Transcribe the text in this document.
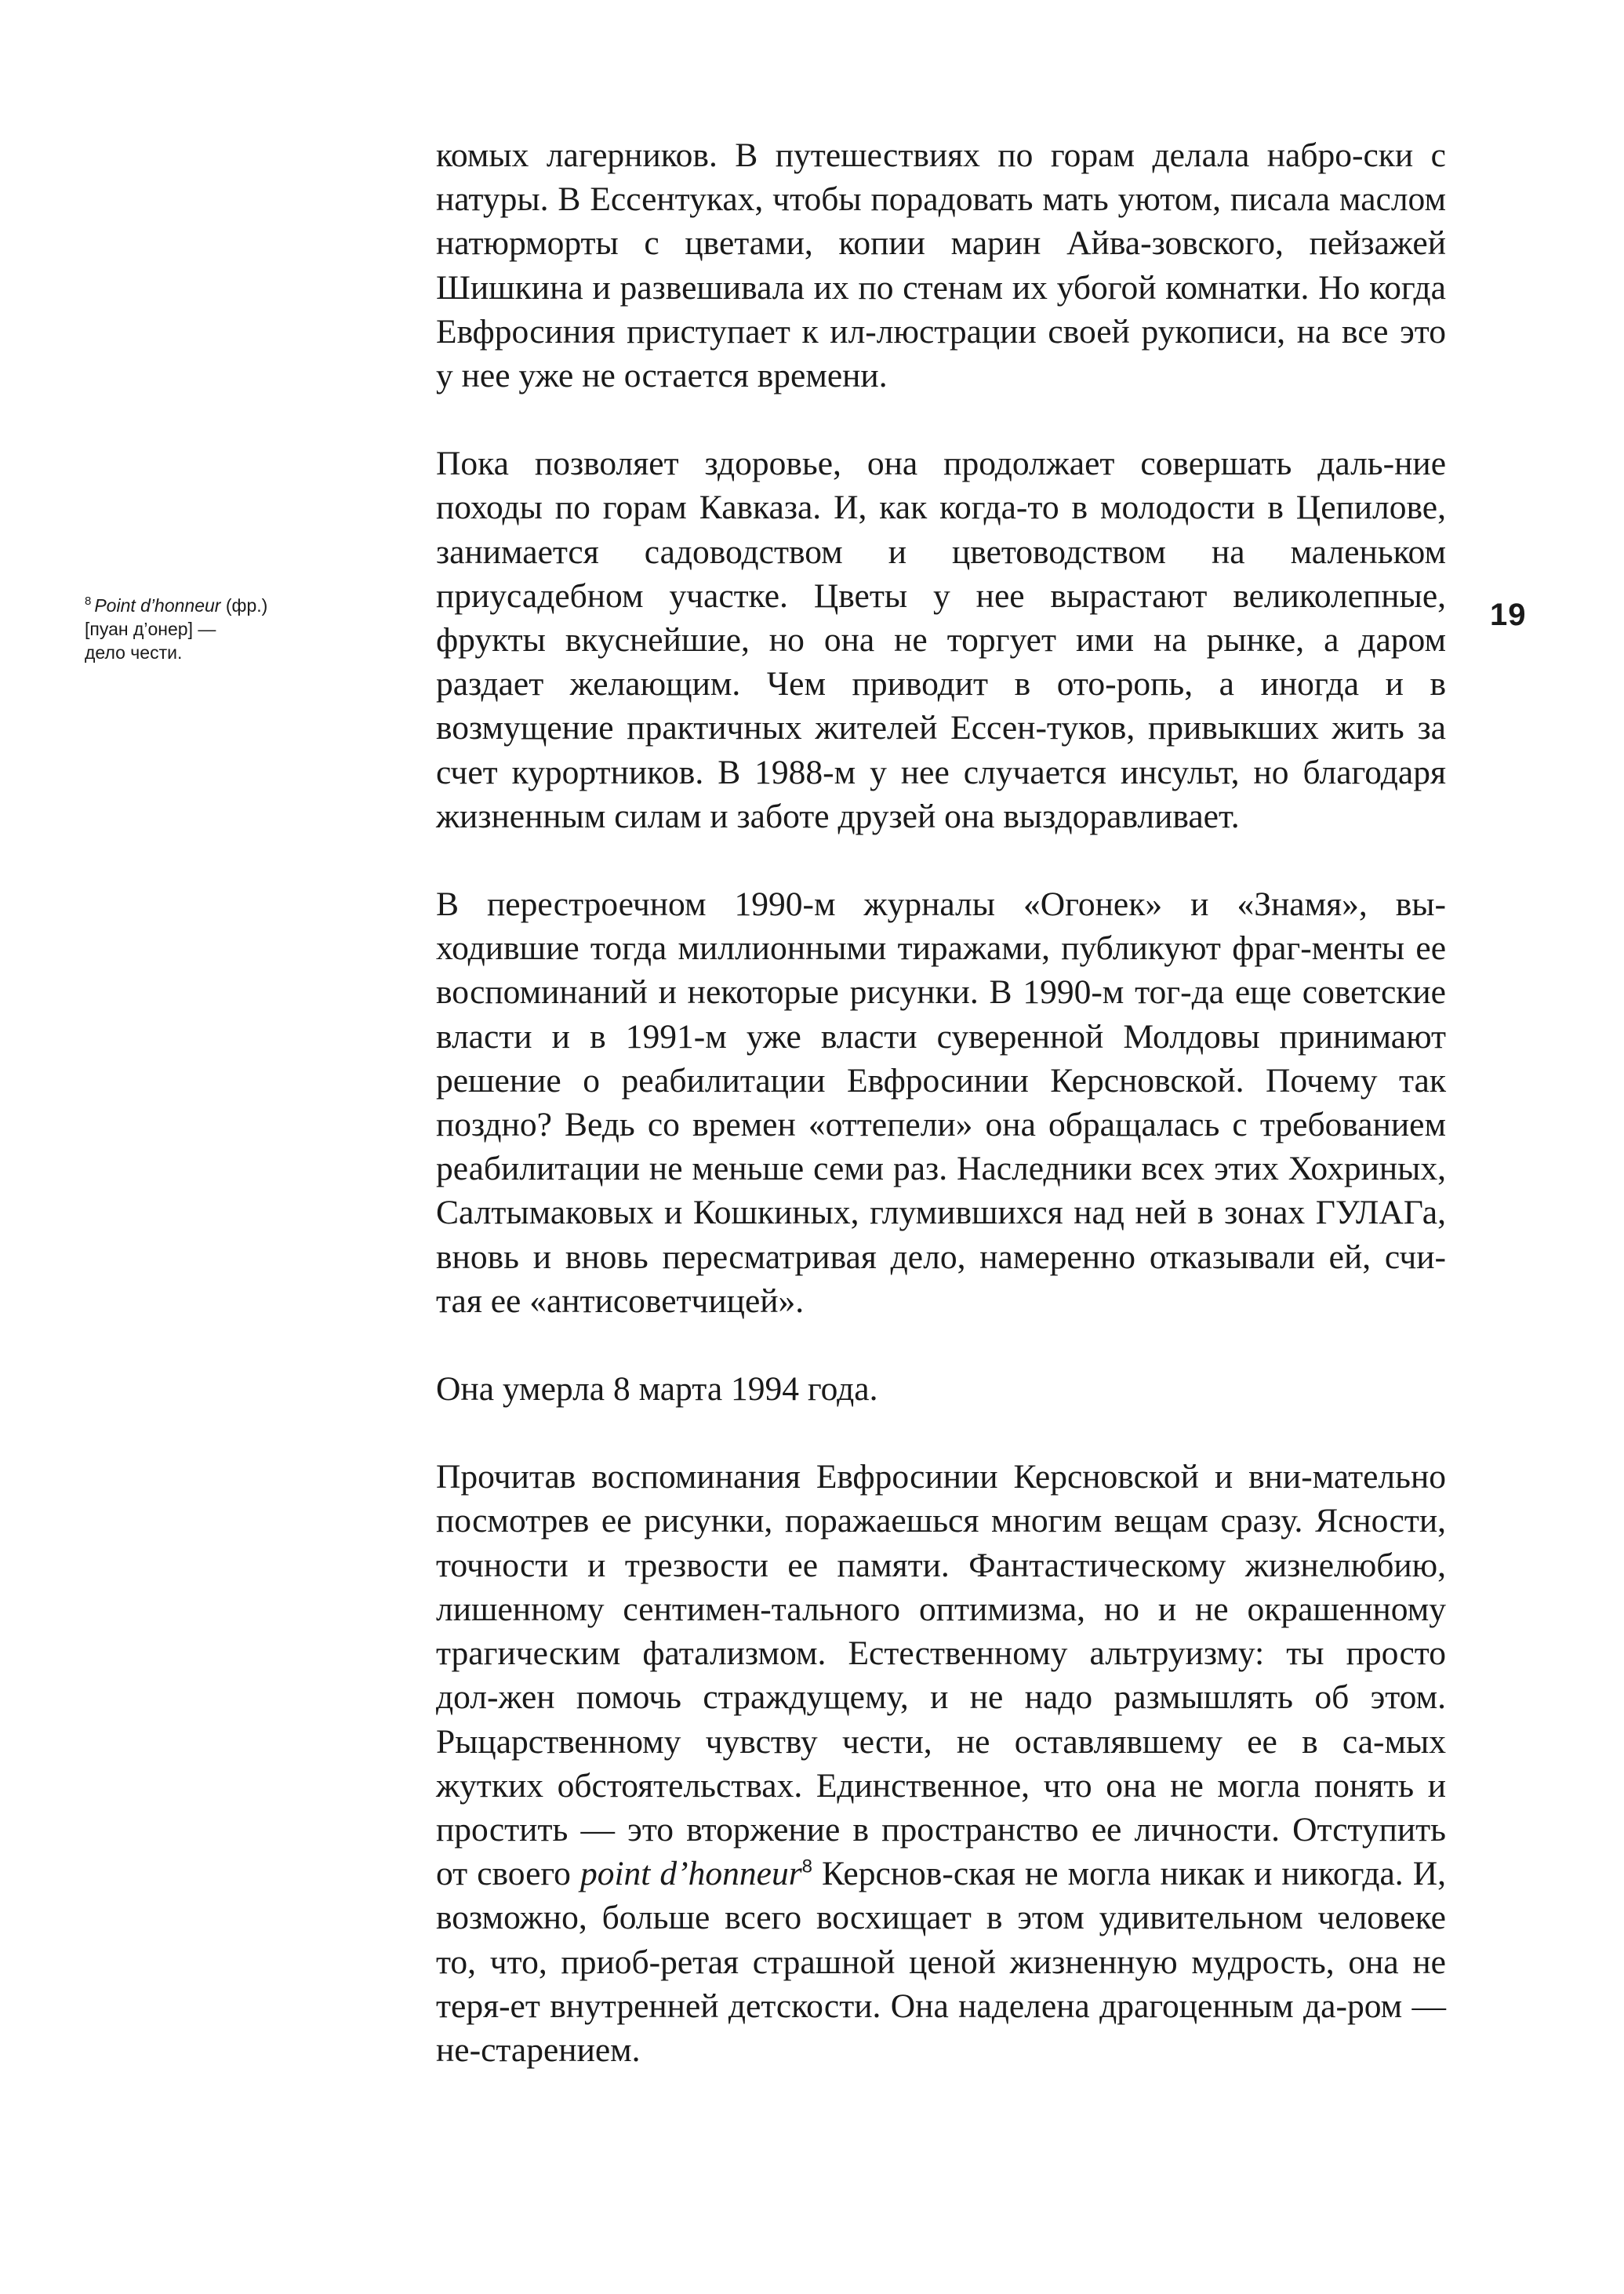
$^8$ Point d’honneur (фр.)
[пуан д’онер] —
дело чести.
19

комых лагерников. В путешествиях по горам делала набро-ски с натуры. В Ессентуках, чтобы порадовать мать уютом, писала маслом натюрморты с цветами, копии марин Айва-зовского, пейзажей Шишкина и развешивала их по стенам их убогой комнатки. Но когда Евфросиния приступает к ил-люстрации своей рукописи, на все это у нее уже не остается времени.

Пока позволяет здоровье, она продолжает совершать даль-ние походы по горам Кавказа. И, как когда-то в молодости в Цепилове, занимается садоводством и цветоводством на маленьком приусадебном участке. Цветы у нее вырастают великолепные, фрукты вкуснейшие, но она не торгует ими на рынке, а даром раздает желающим. Чем приводит в ото-ропь, а иногда и в возмущение практичных жителей Ессен-туков, привыкших жить за счет курортников. В 1988-м у нее случается инсульт, но благодаря жизненным силам и заботе друзей она выздоравливает.

В перестроечном 1990-м журналы «Огонек» и «Знамя», вы-ходившие тогда миллионными тиражами, публикуют фраг-менты ее воспоминаний и некоторые рисунки. В 1990-м тог-да еще советские власти и в 1991-м уже власти суверенной Молдовы принимают решение о реабилитации Евфросинии Керсновской. Почему так поздно? Ведь со времен «оттепели» она обращалась с требованием реабилитации не меньше семи раз. Наследники всех этих Хохриных, Салтымаковых и Кошкиных, глумившихся над ней в зонах ГУЛАГа, вновь и вновь пересматривая дело, намеренно отказывали ей, счи-тая ее «антисоветчицей».

Она умерла 8 марта 1994 года.

Прочитав воспоминания Евфросинии Керсновской и вни-мательно посмотрев ее рисунки, поражаешься многим вещам сразу. Ясности, точности и трезвости ее памяти. Фантастическому жизнелюбию, лишенному сентимен-тального оптимизма, но и не окрашенному трагическим фатализмом. Естественному альтруизму: ты просто дол-жен помочь страждущему, и не надо размышлять об этом. Рыцарственному чувству чести, не оставлявшему ее в са-мых жутких обстоятельствах. Единственное, что она не могла понять и простить — это вторжение в пространство ее личности. Отступить от своего point d’honneur$^8$ Керснов-ская не могла никак и никогда. И, возможно, больше всего восхищает в этом удивительном человеке то, что, приоб-ретая страшной ценой жизненную мудрость, она не теря-ет внутренней детскости. Она наделена драгоценным да-ром — не-старением.
